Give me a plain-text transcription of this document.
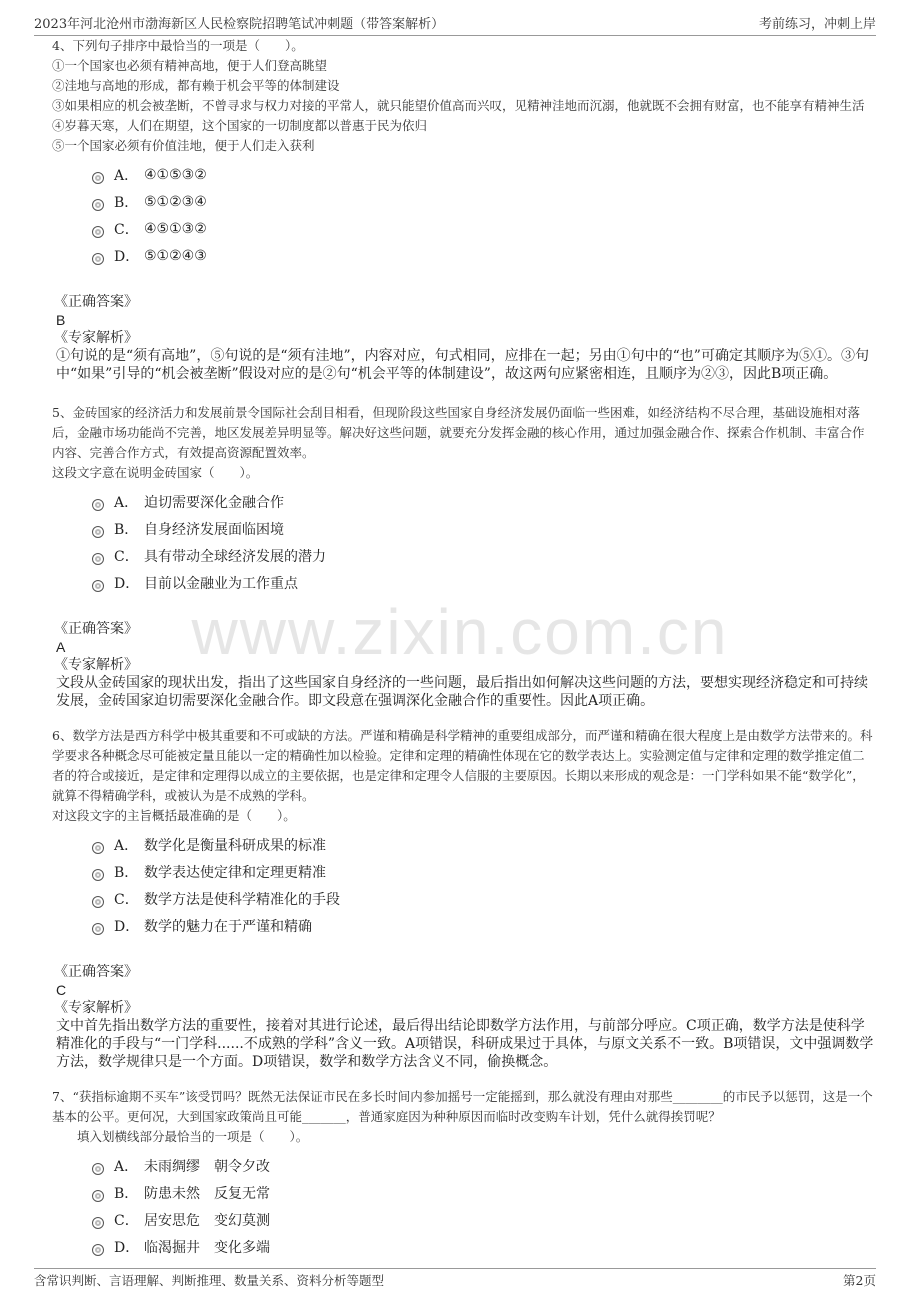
2023年河北沧州市渤海新区人民检察院招聘笔试冲刺题（带答案解析）	考前练习，冲刺上岸
www.zixin.com.cn

4、下列句子排序中最恰当的一项是（　　）。

①一个国家也必须有精神高地，便于人们登高眺望

②洼地与高地的形成，都有赖于机会平等的体制建设

③如果相应的机会被垄断，不曾寻求与权力对接的平常人，就只能望价值高而兴叹，见精神洼地而沉溺，他就既不会拥有财富，也不能享有精神生活

④岁暮天寒，人们在期望，这个国家的一切制度都以普惠于民为依归

⑤一个国家必须有价值洼地，便于人们走入获利

A． ④①⑤③②
B． ⑤①②③④
C． ④⑤①③②
D． ⑤①②④③
《正确答案》
B
《专家解析》
①句说的是“须有高地”，⑤句说的是“须有洼地”，内容对应，句式相同，应排在一起；另由①句中的“也”可确定其顺序为⑤①。③句中“如果”引导的“机会被垄断”假设对应的是②句“机会平等的体制建设”，故这两句应紧密相连，且顺序为②③，因此B项正确。

5、金砖国家的经济活力和发展前景令国际社会刮目相看，但现阶段这些国家自身经济发展仍面临一些困难，如经济结构不尽合理，基础设施相对落后，金融市场功能尚不完善，地区发展差异明显等。解决好这些问题，就要充分发挥金融的核心作用，通过加强金融合作、探索合作机制、丰富合作内容、完善合作方式，有效提高资源配置效率。

这段文字意在说明金砖国家（　　）。

A． 迫切需要深化金融合作
B． 自身经济发展面临困境
C． 具有带动全球经济发展的潜力
D． 目前以金融业为工作重点
《正确答案》
A
《专家解析》
文段从金砖国家的现状出发，指出了这些国家自身经济的一些问题，最后指出如何解决这些问题的方法，要想实现经济稳定和可持续发展，金砖国家迫切需要深化金融合作。即文段意在强调深化金融合作的重要性。因此A项正确。

6、数学方法是西方科学中极其重要和不可或缺的方法。严谨和精确是科学精神的重要组成部分，而严谨和精确在很大程度上是由数学方法带来的。科学要求各种概念尽可能被定量且能以一定的精确性加以检验。定律和定理的精确性体现在它的数学表达上。实验测定值与定律和定理的数学推定值二者的符合或接近，是定律和定理得以成立的主要依据，也是定律和定理令人信服的主要原因。长期以来形成的观念是：一门学科如果不能“数学化”，就算不得精确学科，或被认为是不成熟的学科。

对这段文字的主旨概括最准确的是（　　）。

A． 数学化是衡量科研成果的标准
B． 数学表达使定律和定理更精准
C． 数学方法是使科学精准化的手段
D． 数学的魅力在于严谨和精确
《正确答案》
C
《专家解析》
文中首先指出数学方法的重要性，接着对其进行论述，最后得出结论即数学方法作用，与前部分呼应。C项正确，数学方法是使科学精准化的手段与“一门学科......不成熟的学科”含义一致。A项错误，科研成果过于具体，与原文关系不一致。B项错误，文中强调数学方法，数学规律只是一个方面。D项错误，数学和数学方法含义不同，偷换概念。

7、“获指标逾期不买车”该受罚吗？既然无法保证市民在多长时间内参加摇号一定能摇到，那么就没有理由对那些________的市民予以惩罚，这是一个基本的公平。更何况，大到国家政策尚且可能_______，普通家庭因为种种原因而临时改变购车计划，凭什么就得挨罚呢？

　　填入划横线部分最恰当的一项是（　　）。

A． 未雨绸缪　朝令夕改
B． 防患未然　反复无常
C． 居安思危　变幻莫测
D． 临渴掘井　变化多端
含常识判断、言语理解、判断推理、数量关系、资料分析等题型	第2页
